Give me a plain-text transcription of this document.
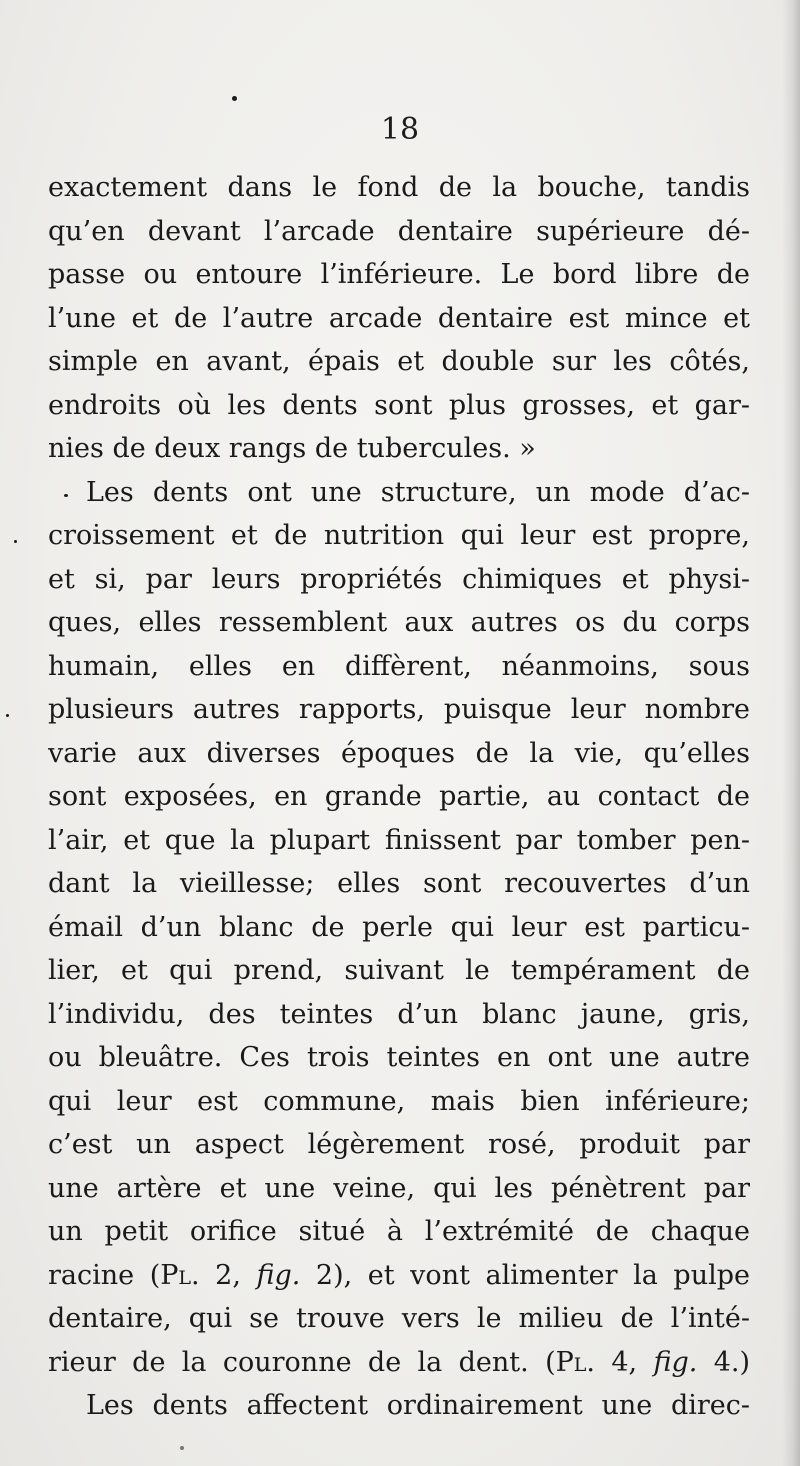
18
exactement dans le fond de la bouche, tandis
qu’en devant l’arcade dentaire supérieure dé-
passe ou entoure l’inférieure. Le bord libre de
l’une et de l’autre arcade dentaire est mince et
simple en avant, épais et double sur les côtés,
endroits où les dents sont plus grosses, et gar-
nies de deux rangs de tubercules. »
Les dents ont une structure, un mode d’ac-
croissement et de nutrition qui leur est propre,
et si, par leurs propriétés chimiques et physi-
ques, elles ressemblent aux autres os du corps
humain, elles en diffèrent, néanmoins, sous
plusieurs autres rapports, puisque leur nombre
varie aux diverses époques de la vie, qu’elles
sont exposées, en grande partie, au contact de
l’air, et que la plupart finissent par tomber pen-
dant la vieillesse; elles sont recouvertes d’un
émail d’un blanc de perle qui leur est particu-
lier, et qui prend, suivant le tempérament de
l’individu, des teintes d’un blanc jaune, gris,
ou bleuâtre. Ces trois teintes en ont une autre
qui leur est commune, mais bien inférieure;
c’est un aspect légèrement rosé, produit par
une artère et une veine, qui les pénètrent par
un petit orifice situé à l’extrémité de chaque
racine (Pl. 2, fig. 2), et vont alimenter la pulpe
dentaire, qui se trouve vers le milieu de l’inté-
rieur de la couronne de la dent. (Pl. 4, fig. 4.)
Les dents affectent ordinairement une direc-
